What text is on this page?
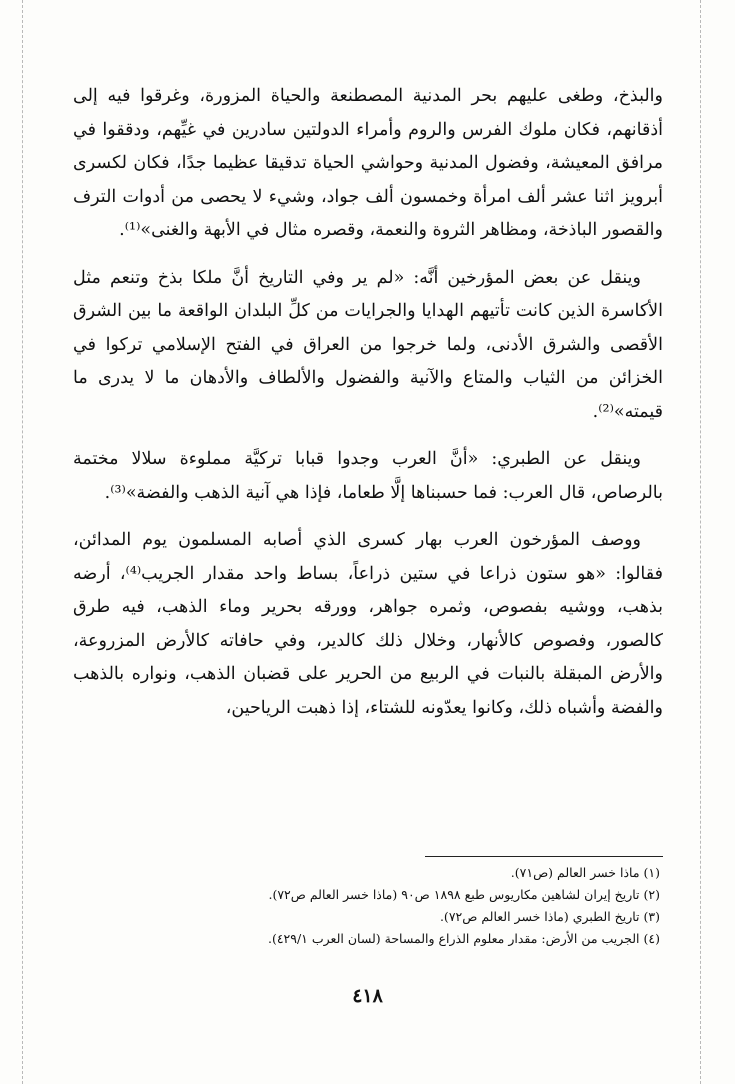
والبذخ، وطغى عليهم بحر المدنية المصطنعة والحياة المزورة، وغرقوا فيه إلى أذقانهم، فكان ملوك الفرس والروم وأمراء الدولتين سادرين في غيِّهم، ودققوا في مرافق المعيشة، وفضول المدنية وحواشي الحياة تدقيقا عظيما جدًا، فكان لكسرى أبرويز اثنا عشر ألف امرأة وخمسون ألف جواد، وشيء لا يحصى من أدوات الترف والقصور الباذخة، ومظاهر الثروة والنعمة، وقصره مثال في الأبهة والغنى»⁽¹⁾.

وينقل عن بعض المؤرخين أنَّه: «لم ير وفي التاريخ أنَّ ملكا بذخ وتنعم مثل الأكاسرة الذين كانت تأتيهم الهدايا والجرايات من كلِّ البلدان الواقعة ما بين الشرق الأقصى والشرق الأدنى، ولما خرجوا من العراق في الفتح الإسلامي تركوا في الخزائن من الثياب والمتاع والآنية والفضول والألطاف والأدهان ما لا يدرى ما قيمته»⁽²⁾.

وينقل عن الطبري: «أنَّ العرب وجدوا قبابا تركيَّة مملوءة سلالا مختمة بالرصاص، قال العرب: فما حسبناها إلَّا طعاما، فإذا هي آنية الذهب والفضة»⁽³⁾.

ووصف المؤرخون العرب بهار كسرى الذي أصابه المسلمون يوم المدائن، فقالوا: «هو ستون ذراعا في ستين ذراعاً، بساط واحد مقدار الجريب⁽⁴⁾، أرضه بذهب، ووشيه بفصوص، وثمره جواهر، وورقه بحرير وماء الذهب، فيه طرق كالصور، وفصوص كالأنهار، وخلال ذلك كالدير، وفي حافاته كالأرض المزروعة، والأرض المبقلة بالنبات في الربيع من الحرير على قضبان الذهب، ونواره بالذهب والفضة وأشباه ذلك، وكانوا يعدّونه للشتاء، إذا ذهبت الرياحين،

(١) ماذا خسر العالم (ص٧١).
(٢) تاريخ إيران لشاهين مكاريوس طبع ١٨٩٨ ص٩٠ (ماذا خسر العالم ص٧٢).
(٣) تاريخ الطبري (ماذا خسر العالم ص٧٢).
(٤) الجريب من الأرض: مقدار معلوم الذراع والمساحة (لسان العرب ٤٢٩/١).
٤١٨
